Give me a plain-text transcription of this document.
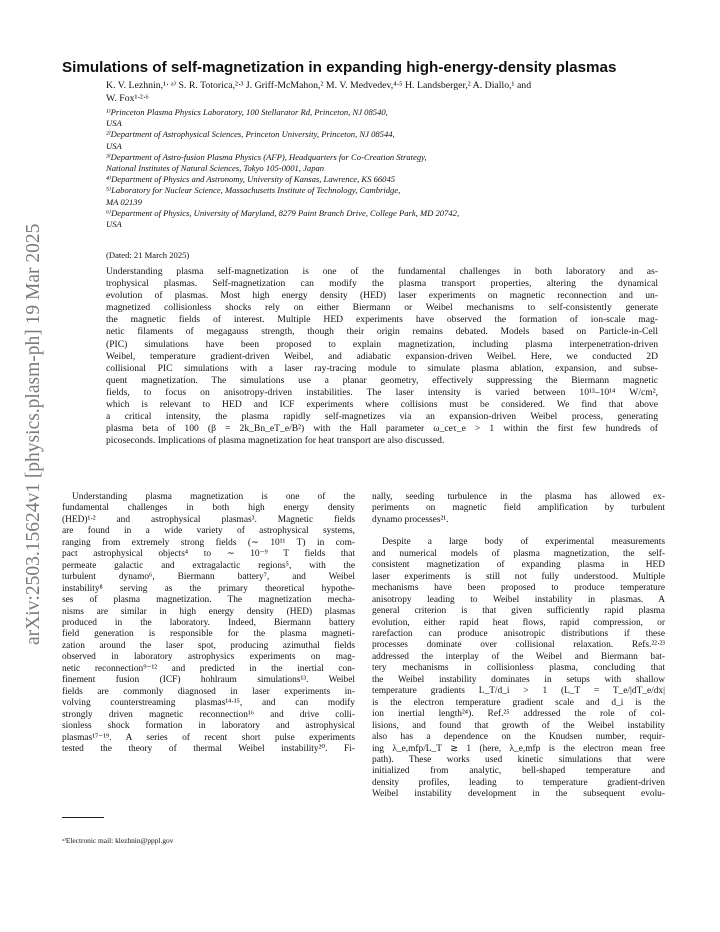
arXiv:2503.15624v1 [physics.plasm-ph] 19 Mar 2025
Simulations of self-magnetization in expanding high-energy-density plasmas
K. V. Lezhnin,¹ᐧ ᵃ⁾ S. R. Totorica,²ᐧ³ J. Griff-McMahon,² M. V. Medvedev,⁴ᐧ⁵ H. Landsberger,² A. Diallo,¹ and
W. Fox¹ᐧ²ᐧ⁶
¹⁾Princeton Plasma Physics Laboratory, 100 Stellarator Rd, Princeton, NJ 08540,
USA
²⁾Department of Astrophysical Sciences, Princeton University, Princeton, NJ 08544,
USA
³⁾Department of Astro-fusion Plasma Physics (AFP), Headquarters for Co-Creation Strategy,
National Institutes of Natural Sciences, Tokyo 105-0001, Japan
⁴⁾Department of Physics and Astronomy, University of Kansas, Lawrence, KS 66045
⁵⁾Laboratory for Nuclear Science, Massachusetts Institute of Technology, Cambridge,
MA 02139
⁶⁾Department of Physics, University of Maryland, 8279 Paint Branch Drive, College Park, MD 20742,
USA
(Dated: 21 March 2025)
Understanding plasma self-magnetization is one of the fundamental challenges in both laboratory and as-
trophysical plasmas. Self-magnetization can modify the plasma transport properties, altering the dynamical
evolution of plasmas. Most high energy density (HED) laser experiments on magnetic reconnection and un-
magnetized collisionless shocks rely on either Biermann or Weibel mechanisms to self-consistently generate
the magnetic fields of interest. Multiple HED experiments have observed the formation of ion-scale mag-
netic filaments of megagauss strength, though their origin remains debated. Models based on Particle-in-Cell
(PIC) simulations have been proposed to explain magnetization, including plasma interpenetration-driven
Weibel, temperature gradient-driven Weibel, and adiabatic expansion-driven Weibel. Here, we conducted 2D
collisional PIC simulations with a laser ray-tracing module to simulate plasma ablation, expansion, and subse-
quent magnetization. The simulations use a planar geometry, effectively suppressing the Biermann magnetic
fields, to focus on anisotropy-driven instabilities. The laser intensity is varied between 10¹³–10¹⁴ W/cm²,
which is relevant to HED and ICF experiments where collisions must be considered. We find that above
a critical intensity, the plasma rapidly self-magnetizes via an expansion-driven Weibel process, generating
plasma beta of 100 (β = 2k_Bn_eT_e/B²) with the Hall parameter ω_ceτ_e > 1 within the first few hundreds of
picoseconds. Implications of plasma magnetization for heat transport are also discussed.
Understanding plasma magnetization is one of the
fundamental challenges in both high energy density
(HED)¹ᐧ² and astrophysical plasmas³. Magnetic fields
are found in a wide variety of astrophysical systems,
ranging from extremely strong fields (∼ 10¹¹ T) in com-
pact astrophysical objects⁴ to ∼ 10⁻⁹ T fields that
permeate galactic and extragalactic regions⁵, with the
turbulent dynamo⁶, Biermann battery⁷, and Weibel
instability⁸ serving as the primary theoretical hypothe-
ses of plasma magnetization. The magnetization mecha-
nisms are similar in high energy density (HED) plasmas
produced in the laboratory. Indeed, Biermann battery
field generation is responsible for the plasma magneti-
zation around the laser spot, producing azimuthal fields
observed in laboratory astrophysics experiments on mag-
netic reconnection⁹⁻¹² and predicted in the inertial con-
finement fusion (ICF) hohlraum simulations¹³. Weibel
fields are commonly diagnosed in laser experiments in-
volving counterstreaming plasmas¹⁴ᐧ¹⁵, and can modify
strongly driven magnetic reconnection¹⁶ and drive colli-
sionless shock formation in laboratory and astrophysical
plasmas¹⁷⁻¹⁹. A series of recent short pulse experiments
tested the theory of thermal Weibel instability²⁰. Fi-
nally, seeding turbulence in the plasma has allowed ex-
periments on magnetic field amplification by turbulent
dynamo processes²¹.
Despite a large body of experimental measurements
and numerical models of plasma magnetization, the self-
consistent magnetization of expanding plasma in HED
laser experiments is still not fully understood. Multiple
mechanisms have been proposed to produce temperature
anisotropy leading to Weibel instability in plasmas. A
general criterion is that given sufficiently rapid plasma
evolution, either rapid heat flows, rapid compression, or
rarefaction can produce anisotropic distributions if these
processes dominate over collisional relaxation. Refs.²²ᐧ²³
addressed the interplay of the Weibel and Biermann bat-
tery mechanisms in collisionless plasma, concluding that
the Weibel instability dominates in setups with shallow
temperature gradients L_T/d_i > 1 (L_T = T_e/|dT_e/dx|
is the electron temperature gradient scale and d_i is the
ion inertial length²⁴). Ref.²⁵ addressed the role of col-
lisions, and found that growth of the Weibel instability
also has a dependence on the Knudsen number, requir-
ing λ_e,mfp/L_T ≳ 1 (here, λ_e,mfp is the electron mean free
path). These works used kinetic simulations that were
initialized from analytic, bell-shaped temperature and
density profiles, leading to temperature gradient-driven
Weibel instability development in the subsequent evolu-
ᵃ⁾Electronic mail: klezhnin@pppl.gov
